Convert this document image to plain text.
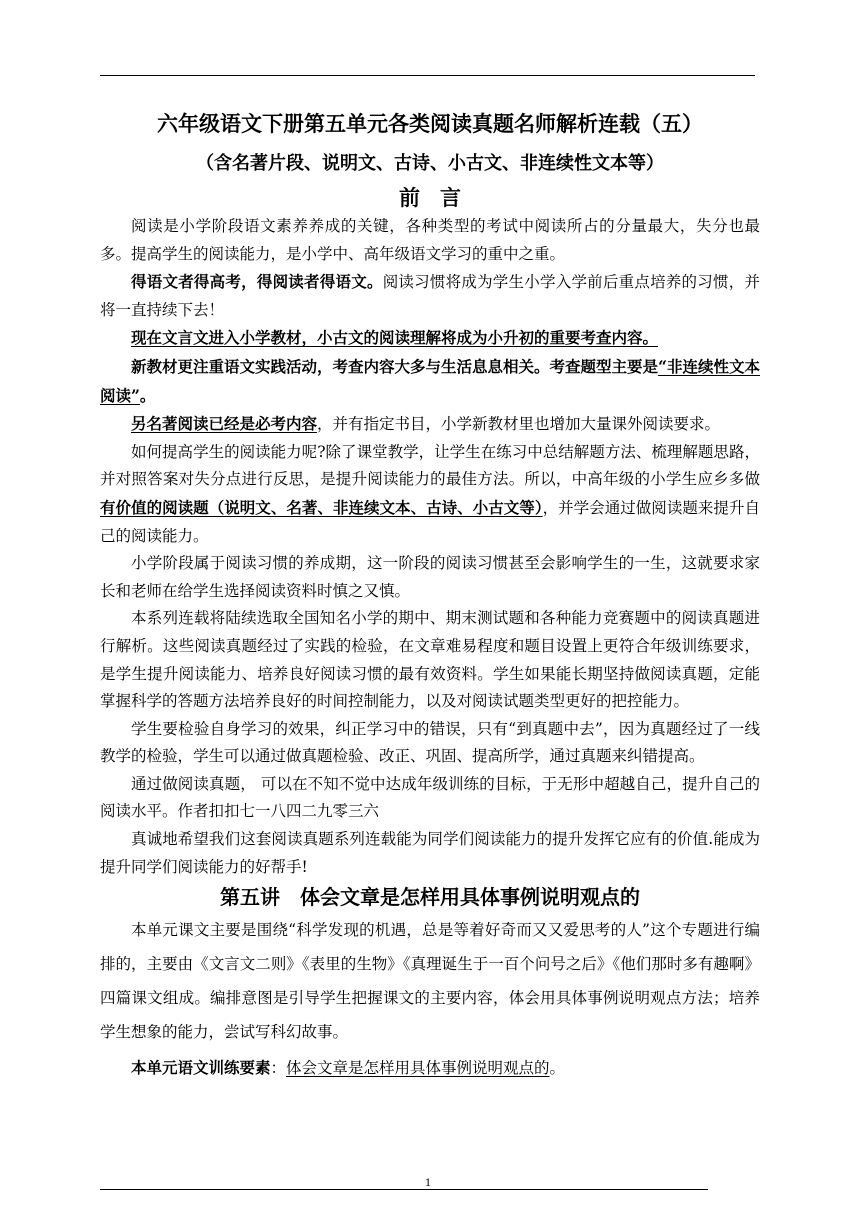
六年级语文下册第五单元各类阅读真题名师解析连载（五）
（含名著片段、说明文、古诗、小古文、非连续性文本等）
前言

阅读是小学阶段语文素养养成的关键，各种类型的考试中阅读所占的分量最大，失分也最多。提高学生的阅读能力，是小学中、高年级语文学习的重中之重。

得语文者得高考，得阅读者得语文。阅读习惯将成为学生小学入学前后重点培养的习惯，并将一直持续下去！

现在文言文进入小学教材，小古文的阅读理解将成为小升初的重要考查内容。

新教材更注重语文实践活动，考查内容大多与生活息息相关。考查题型主要是“非连续性文本阅读”。

另名著阅读已经是必考内容，并有指定书目，小学新教材里也增加大量课外阅读要求。

如何提高学生的阅读能力呢?除了课堂教学，让学生在练习中总结解题方法、梳理解题思路，并对照答案对失分点进行反思，是提升阅读能力的最佳方法。所以，中高年级的小学生应乡多做有价值的阅读题（说明文、名著、非连续文本、古诗、小古文等），并学会通过做阅读题来提升自己的阅读能力。

小学阶段属于阅读习惯的养成期，这一阶段的阅读习惯甚至会影响学生的一生，这就要求家长和老师在给学生选择阅读资料时慎之又慎。

本系列连载将陆续选取全国知名小学的期中、期末测试题和各种能力竞赛题中的阅读真题进行解析。这些阅读真题经过了实践的检验，在文章难易程度和题目设置上更符合年级训练要求，是学生提升阅读能力、培养良好阅读习惯的最有效资料。学生如果能长期坚持做阅读真题，定能掌握科学的答题方法培养良好的时间控制能力，以及对阅读试题类型更好的把控能力。

学生要检验自身学习的效果，纠正学习中的错误，只有“到真题中去”，因为真题经过了一线教学的检验，学生可以通过做真题检验、改正、巩固、提高所学，通过真题来纠错提高。

通过做阅读真题， 可以在不知不觉中达成年级训练的目标，于无形中超越自己，提升自己的阅读水平。作者扣扣七一八四二九零三六

真诚地希望我们这套阅读真题系列连载能为同学们阅读能力的提升发挥它应有的价值.能成为提升同学们阅读能力的好帮手!

第五讲　体会文章是怎样用具体事例说明观点的

本单元课文主要是围绕“科学发现的机遇，总是等着好奇而又又爱思考的人”这个专题进行编排的，主要由《文言文二则》《表里的生物》《真理诞生于一百个问号之后》《他们那时多有趣啊》四篇课文组成。编排意图是引导学生把握课文的主要内容，体会用具体事例说明观点方法；培养学生想象的能力，尝试写科幻故事。

本单元语文训练要素：体会文章是怎样用具体事例说明观点的。

1
